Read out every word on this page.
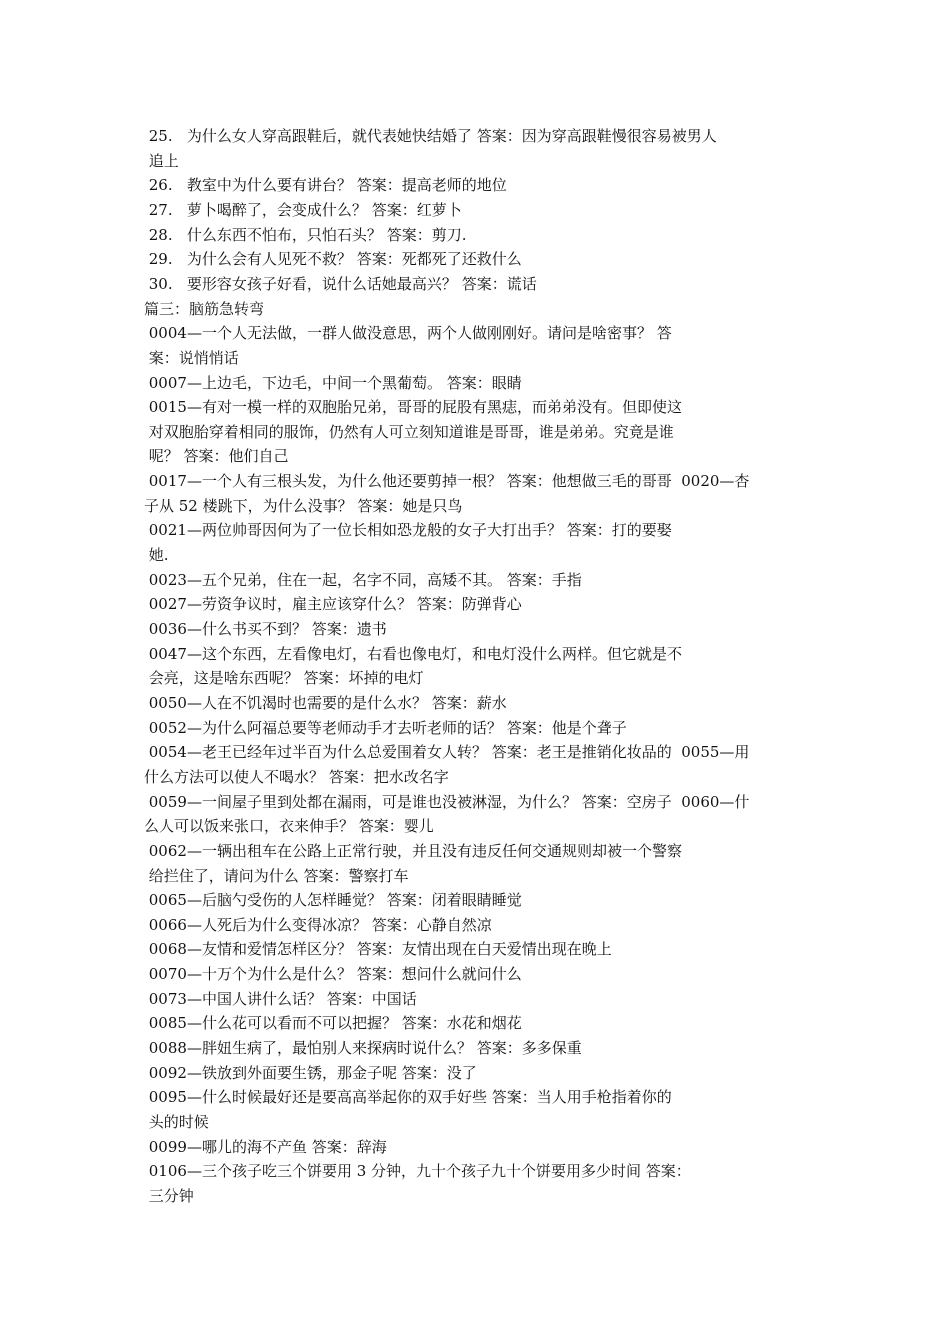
25.   为什么女人穿高跟鞋后，就代表她快结婚了 答案：因为穿高跟鞋慢很容易被男人
追上
26.   教室中为什么要有讲台？ 答案：提高老师的地位
27.   萝卜喝醉了，会变成什么？ 答案：红萝卜
28.   什么东西不怕布，只怕石头？ 答案：剪刀.
29.   为什么会有人见死不救？ 答案：死都死了还救什么
30.   要形容女孩子好看，说什么话她最高兴？ 答案：谎话
篇三：脑筋急转弯
0004—一个人无法做，一群人做没意思，两个人做刚刚好。请问是啥密事？ 答
案：说悄悄话
0007—上边毛，下边毛，中间一个黑葡萄。 答案：眼睛
0015—有对一模一样的双胞胎兄弟，哥哥的屁股有黑痣，而弟弟没有。但即使这
对双胞胎穿着相同的服饰，仍然有人可立刻知道谁是哥哥，谁是弟弟。究竟是谁
呢？ 答案：他们自己
0017—一个人有三根头发，为什么他还要剪掉一根？ 答案：他想做三毛的哥哥  0020—杏
子从 52 楼跳下，为什么没事？ 答案：她是只鸟
0021—两位帅哥因何为了一位长相如恐龙般的女子大打出手？ 答案：打的要娶
她.
0023—五个兄弟，住在一起，名字不同，高矮不其。 答案：手指
0027—劳资争议时，雇主应该穿什么？ 答案：防弹背心
0036—什么书买不到？ 答案：遗书
0047—这个东西，左看像电灯，右看也像电灯，和电灯没什么两样。但它就是不
会亮，这是啥东西呢？ 答案：坏掉的电灯
0050—人在不饥渴时也需要的是什么水？ 答案：薪水
0052—为什么阿福总要等老师动手才去听老师的话？ 答案：他是个聋子
0054—老王已经年过半百为什么总爱围着女人转？ 答案：老王是推销化妆品的  0055—用
什么方法可以使人不喝水？ 答案：把水改名字
0059—一间屋子里到处都在漏雨，可是谁也没被淋湿，为什么？ 答案：空房子  0060—什
么人可以饭来张口，衣来伸手？ 答案：婴儿
0062—一辆出租车在公路上正常行驶，并且没有违反任何交通规则却被一个警察
给拦住了，请问为什么 答案：警察打车
0065—后脑勺受伤的人怎样睡觉？ 答案：闭着眼睛睡觉
0066—人死后为什么变得冰凉？ 答案：心静自然凉
0068—友情和爱情怎样区分？ 答案：友情出现在白天爱情出现在晚上
0070—十万个为什么是什么？ 答案：想问什么就问什么
0073—中国人讲什么话？ 答案：中国话
0085—什么花可以看而不可以把握？ 答案：水花和烟花
0088—胖妞生病了，最怕别人来探病时说什么？ 答案：多多保重
0092—铁放到外面要生锈，那金子呢 答案：没了
0095—什么时候最好还是要高高举起你的双手好些 答案：当人用手枪指着你的
头的时候
0099—哪儿的海不产鱼 答案：辞海
0106—三个孩子吃三个饼要用 3 分钟，九十个孩子九十个饼要用多少时间 答案：
三分钟
